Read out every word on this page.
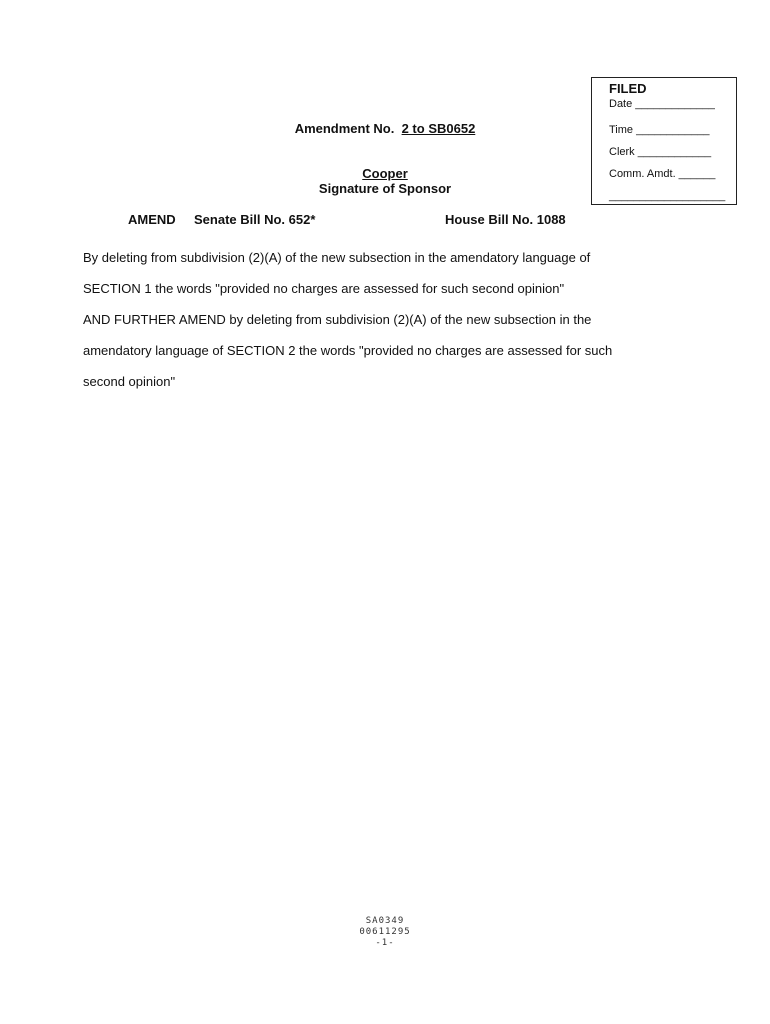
FILED
Date _____________
Time ____________
Clerk ____________
Comm. Amdt. ______
___________________
Amendment No. 2 to SB0652
Cooper
Signature of Sponsor
AMEND Senate Bill No. 652*	House Bill No. 1088

By deleting from subdivision (2)(A) of the new subsection in the amendatory language of

SECTION 1 the words "provided no charges are assessed for such second opinion"

AND FURTHER AMEND by deleting from subdivision (2)(A) of the new subsection in the

amendatory language of SECTION 2 the words "provided no charges are assessed for such

second opinion"

SA0349
00611295
-1-
